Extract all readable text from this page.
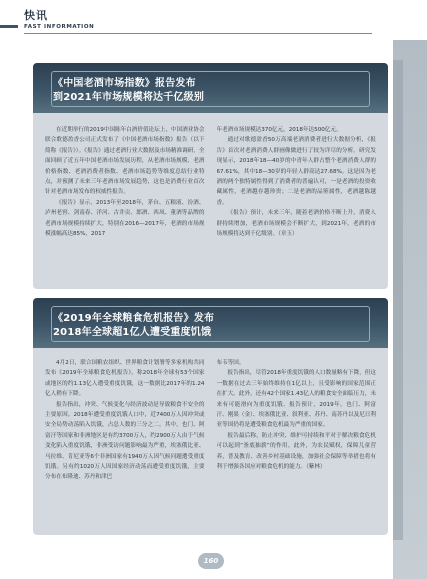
快讯
FAST INFORMATION
《中国老酒市场指数》报告发布
到2021年市场规模将达千亿级别

在近期举行的2019中国陈年白酒价值论坛上，中国酒业协会联合歌德盈香公司正式发布了《中国老酒市场指数》报告（以下简称《报告》）。《报告》通过老酒行业大数据及市场精准调研，全面回顾了近五年中国老酒市场发展历程，从老酒市场规模、老酒价格指数、老酒消费者指数、老酒市场趋势等维度总结行业特点，并预测了未来三年老酒市场发展趋势，这也是消费行业首次针对老酒市场发布的权威性报告。

《报告》显示，2013年至2018年，茅台、五粮液、汾酒、泸州老窖、剑南春、洋河、古井贡、郎酒、西凤、董酒等品牌的老酒市场规模持续扩大，特别在2016—2017年，老酒的市场规模涨幅高达85%，2017

年老酒市场规模达370亿元，2018年达500亿元。

通过对歌德盈香50万高端老酒消费者进行大数据分析，《报告》首次对老酒消费人群画像做进行了较为详尽的分析。研究发现显示，2018年18—40岁的中青年人群占整个老酒消费人群的67.61%，其中18—30岁的年轻人群高达27.68%。这是因为老酒的两个独特属性得到了消费者的普遍认可，一是老酒的投资收藏属性，老酒越存越珍贵；二是老酒的品鉴属性，老酒越陈越香。

《报告》预计，未来三年，随着老酒价格不断上升，消费人群持续增加，老酒市场规模会不断扩大，到2021年，老酒的市场规模将达到千亿级别。（章玉）

《2019年全球粮食危机报告》发布
2018年全球超1亿人遭受重度饥饿

4月2日，联合国粮农组织、世界粮食计划署等多家机构共同发布《2019年全球粮食危机报告》，称2018年全球有53个国家或地区的约1.13亿人遭受重度饥饿，这一数据比2017年的1.24亿人稍有下降。

报告指出，冲突、气候变化与经济波动是导致粮食不安全的主要原因。2018年遭受重度饥饿人口中，近7400万人因冲突或安全局势动荡陷入饥饿，占总人数的三分之二。其中，也门、阿富汗等国家和非洲地区是有约3700万人，约2900万人由于气候变化陷入重度饥饿，非洲受访问题影响最为严重，埃塞俄比亚、马拉维、肯尼亚等6个非洲国家有1940万人因气候问题遭受重度饥饿。另有约1020万人因国家经济动荡而遭受重度饥饿，主要分布在布隆迪、苏丹和津巴

布韦等国。

报告指出，尽管2018年重度饥饿的人口数量略有下降，但这一数据在过去三年始终维持在1亿以上，且受影响的国家范围正在扩大。此外，还有42个国家1.43亿人的粮食安全面临压力，未来有可能滑向为重度饥饿。报告预计，2019年，也门、阿富汗、刚果（金）、埃塞俄比亚、叙利亚、苏丹、南苏丹以及尼日利亚等国仍将是遭受粮食危机最为严重的国家。

报告最后称，防止冲突、维护可持续和平对于解决粮食危机可以起到“釜底抽薪”的作用。此外，为农民赋权，保障儿童营养，普及教育、改善乡村基础设施，加强社会保障等举措也将有利于增强各国应对粮食危机的能力。（紫林）

160
